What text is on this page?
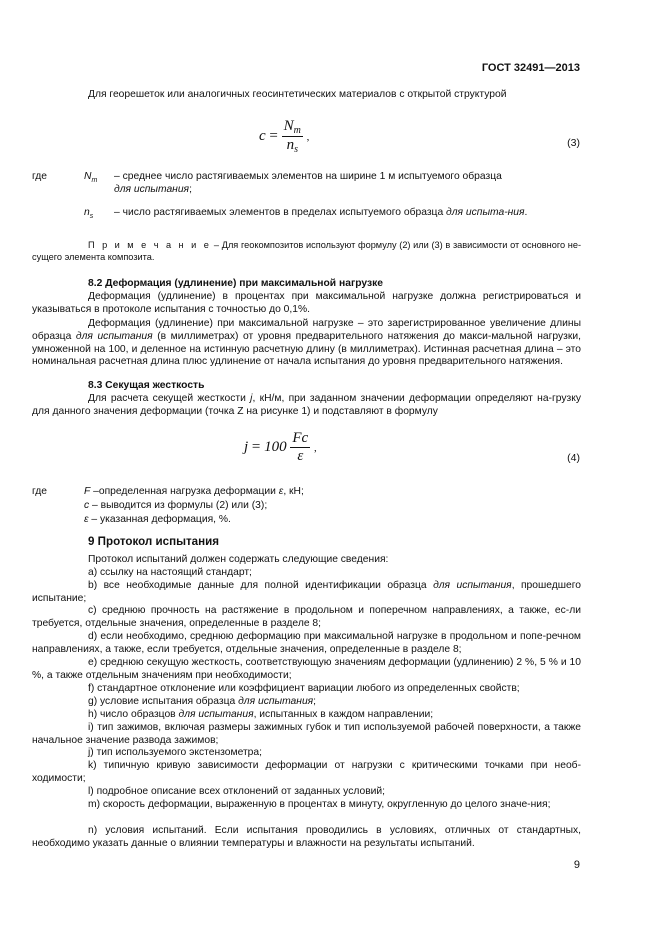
ГОСТ 32491—2013
Для георешеток или аналогичных геосинтетических материалов с открытой структурой
$c = \frac{N_m}{n_s}$ ,
(3)
где	$N_m$ – среднее число растягиваемых элементов на ширине 1 м испытуемого образца
для испытания;
$n_s$ – число растягиваемых элементов в пределах испытуемого образца для испыта-ния.
П р и м е ч а н и е – Для геокомпозитов используют формулу (2) или (3) в зависимости от основного не-сущего элемента композита.
8.2 Деформация (удлинение) при максимальной нагрузке
Деформация (удлинение) в процентах при максимальной нагрузке должна регистрироваться и указываться в протоколе испытания с точностью до 0,1%.
Деформация (удлинение) при максимальной нагрузке – это зарегистрированное увеличение длины образца для испытания (в миллиметрах) от уровня предварительного натяжения до макси-мальной нагрузки, умноженной на 100, и деленное на истинную расчетную длину (в миллиметрах). Истинная расчетная длина – это номинальная расчетная длина плюс удлинение от начала испытания до уровня предварительного натяжения.
8.3 Секущая жесткость
Для расчета секущей жесткости j, кН/м, при заданном значении деформации определяют на-грузку для данного значения деформации (точка Z на рисунке 1) и подставляют в формулу
$j = 100 \frac{Fc}{\varepsilon}$ ,
(4)
где	F –определенная нагрузка деформации ε, кН;
c – выводится из формулы (2) или (3);
ε – указанная деформация, %.
9 Протокол испытания
Протокол испытаний должен содержать следующие сведения:
а) ссылку на настоящий стандарт;
b) все необходимые данные для полной идентификации образца для испытания, прошедшего испытание;
c) среднюю прочность на растяжение в продольном и поперечном направлениях, а также, ес-ли требуется, отдельные значения, определенные в разделе 8;
d) если необходимо, среднюю деформацию при максимальной нагрузке в продольном и попе-речном направлениях, а также, если требуется, отдельные значения, определенные в разделе 8;
е) среднюю секущую жесткость, соответствующую значениям деформации (удлинению) 2 %, 5 % и 10 %, а также отдельным значениям при необходимости;
f) стандартное отклонение или коэффициент вариации любого из определенных свойств;
g) условие испытания образца для испытания;
h) число образцов для испытания, испытанных в каждом направлении;
i) тип зажимов, включая размеры зажимных губок и тип используемой рабочей поверхности, а также начальное значение развода зажимов;
j) тип используемого экстензометра;
k) типичную кривую зависимости деформации от нагрузки с критическими точками при необ-ходимости;
l) подробное описание всех отклонений от заданных условий;
m) скорость деформации, выраженную в процентах в минуту, округленную до целого значе-ния;
n) условия испытаний. Если испытания проводились в условиях, отличных от стандартных, необходимо указать данные о влиянии температуры и влажности на результаты испытаний.
9
